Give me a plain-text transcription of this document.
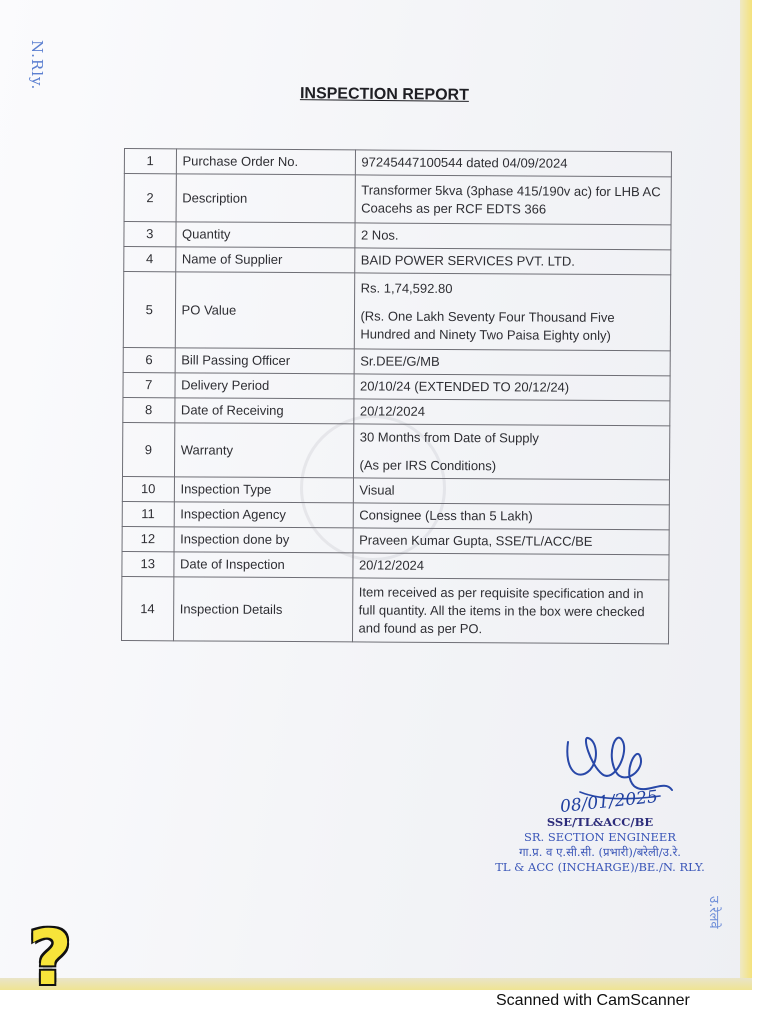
N.Rly.
INSPECTION REPORT
1	Purchase Order No.	97245447100544 dated 04/09/2024

2	Description	Transformer 5kva (3phase 415/190v ac) for LHB AC Coacehs as per RCF EDTS 366

3	Quantity	2 Nos.

4	Name of Supplier	BAID POWER SERVICES PVT. LTD.

5	PO Value	Rs. 1,74,592.80

(Rs. One Lakh Seventy Four Thousand Five Hundred and Ninety Two Paisa Eighty only)

6	Bill Passing Officer	Sr.DEE/G/MB

7	Delivery Period	20/10/24 (EXTENDED TO 20/12/24)

8	Date of Receiving	20/12/2024

9	Warranty	30 Months from Date of Supply

(As per IRS Conditions)

10	Inspection Type	Visual

11	Inspection Agency	Consignee (Less than 5 Lakh)

12	Inspection done by	Praveen Kumar Gupta, SSE/TL/ACC/BE

13	Date of Inspection	20/12/2024

14	Inspection Details	Item received as per requisite specification and in full quantity. All the items in the box were checked and found as per PO.

08/01/2025
SSE/TL&ACC/BE
SR. SECTION ENGINEER
गा.प्र. व ए.सी.सी. (प्रभारी)/बरेली/उ.रे.
TL & ACC (INCHARGE)/BE./N. RLY.
उ.रेलवे
?	Scanned with CamScanner
